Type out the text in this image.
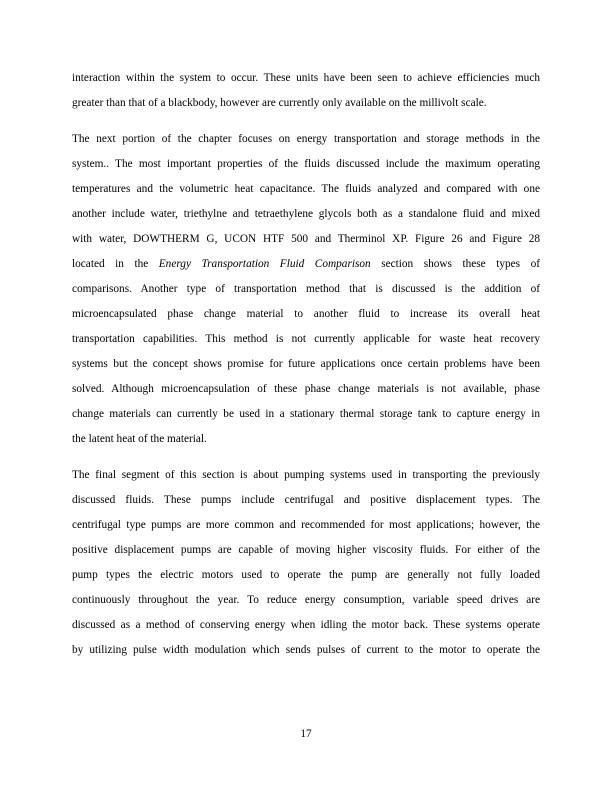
interaction within the system to occur. These units have been seen to achieve efficiencies much
greater than that of a blackbody, however are currently only available on the millivolt scale.
The next portion of the chapter focuses on energy transportation and storage methods in the
system.. The most important properties of the fluids discussed include the maximum operating
temperatures and the volumetric heat capacitance. The fluids analyzed and compared with one
another include water, triethylne and tetraethylene glycols both as a standalone fluid and mixed
with water, DOWTHERM G, UCON HTF 500 and Therminol XP. Figure 26 and Figure 28
located in the Energy Transportation Fluid Comparison section shows these types of
comparisons. Another type of transportation method that is discussed is the addition of
microencapsulated phase change material to another fluid to increase its overall heat
transportation capabilities. This method is not currently applicable for waste heat recovery
systems but the concept shows promise for future applications once certain problems have been
solved. Although microencapsulation of these phase change materials is not available, phase
change materials can currently be used in a stationary thermal storage tank to capture energy in
the latent heat of the material.
The final segment of this section is about pumping systems used in transporting the previously
discussed fluids. These pumps include centrifugal and positive displacement types. The
centrifugal type pumps are more common and recommended for most applications; however, the
positive displacement pumps are capable of moving higher viscosity fluids. For either of the
pump types the electric motors used to operate the pump are generally not fully loaded
continuously throughout the year. To reduce energy consumption, variable speed drives are
discussed as a method of conserving energy when idling the motor back. These systems operate
by utilizing pulse width modulation which sends pulses of current to the motor to operate the
17
